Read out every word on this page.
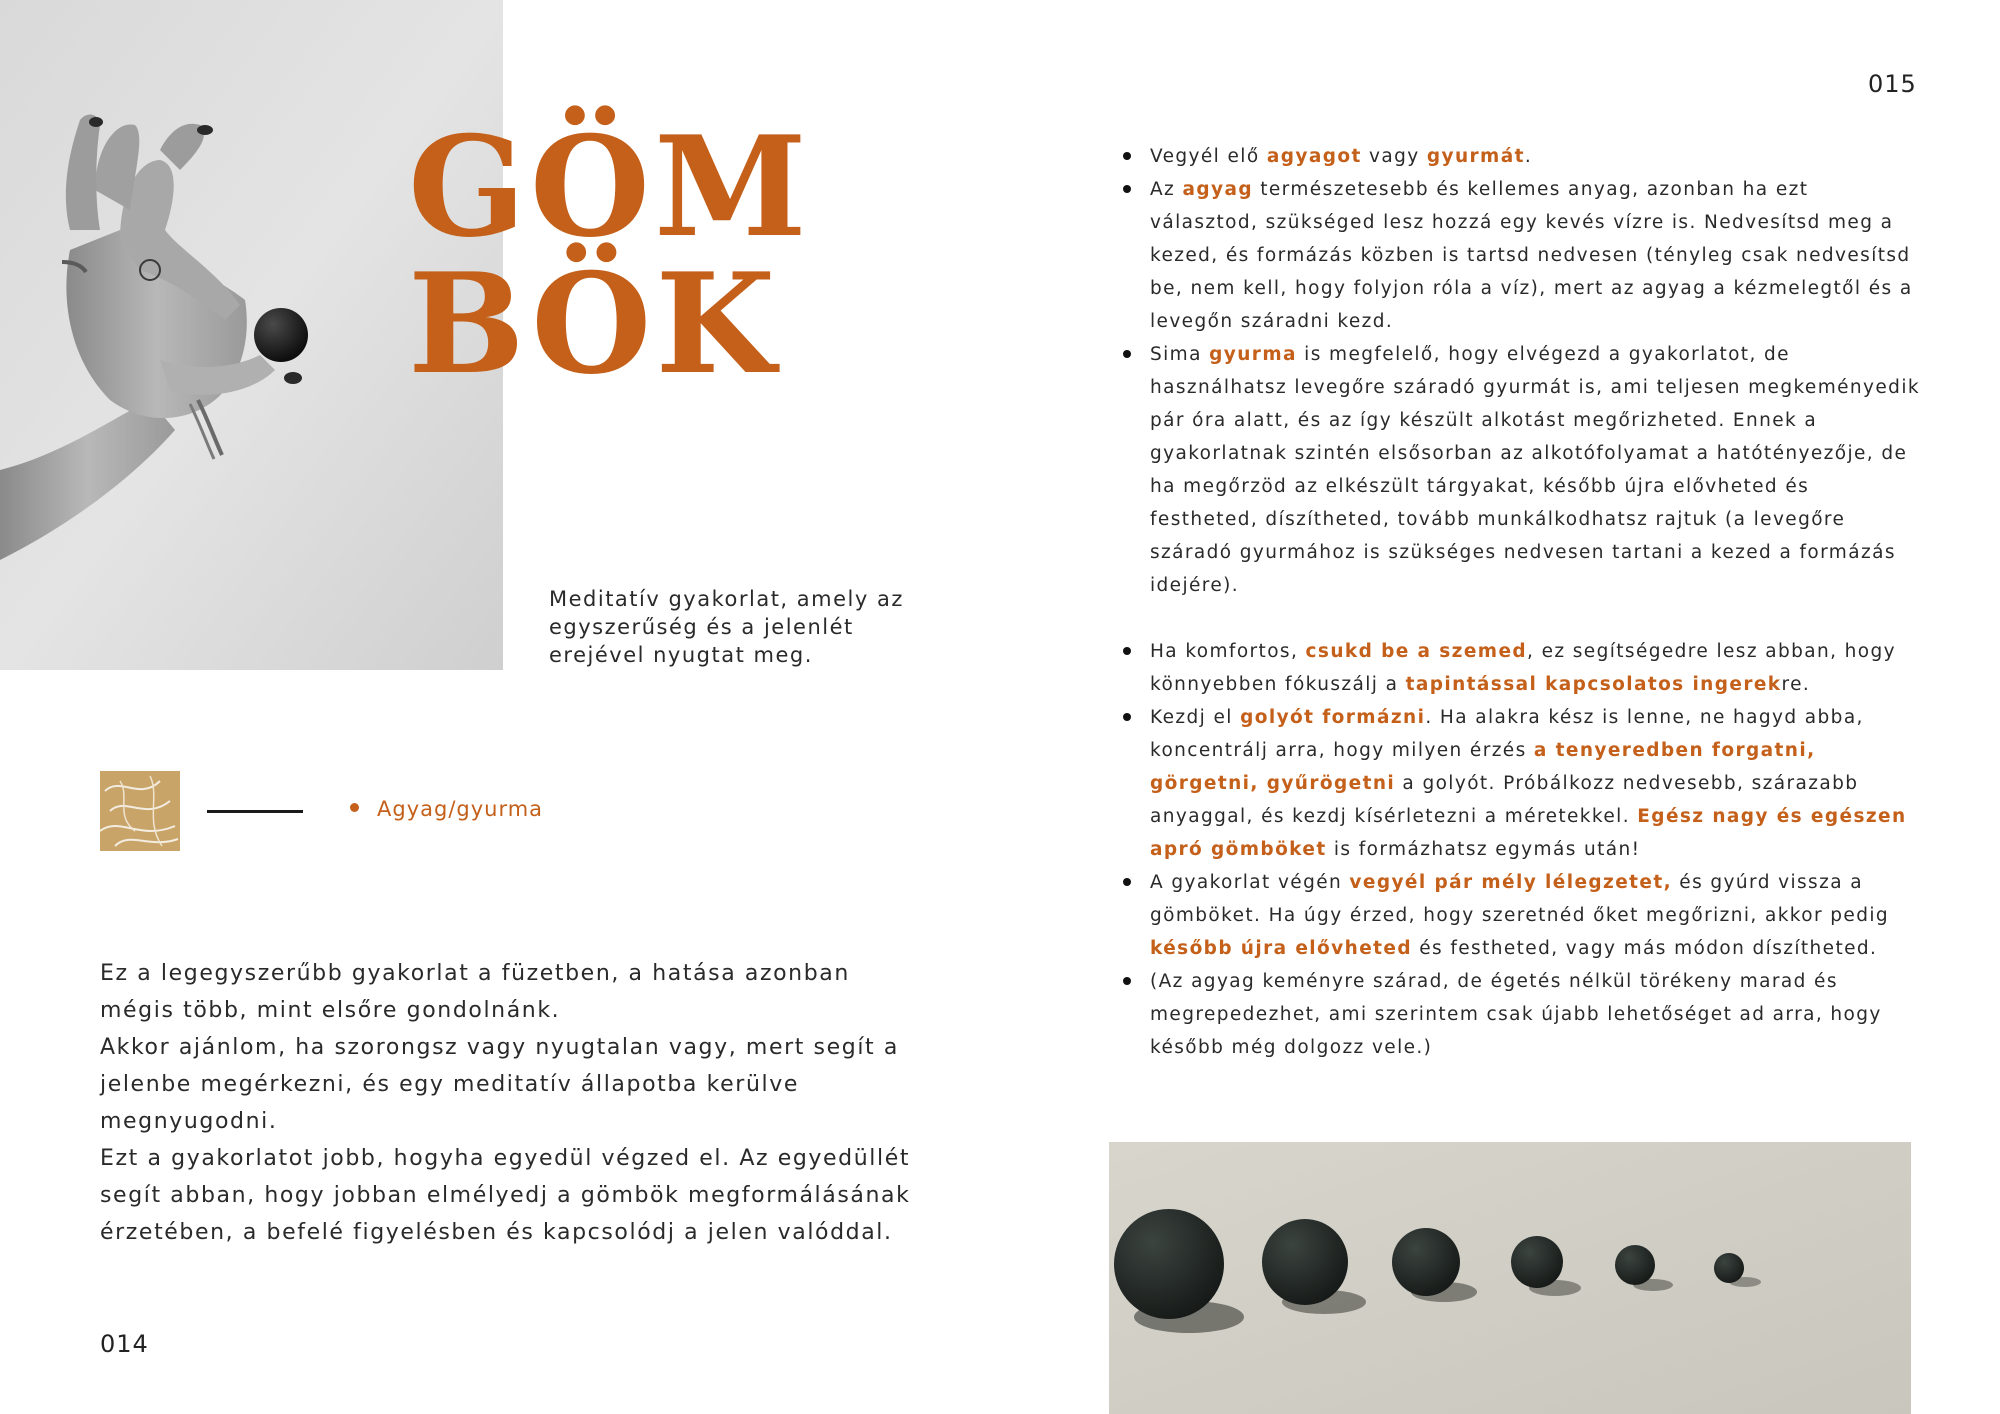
GÖM
BÖK
015
014
Meditatív gyakorlat, amely az egyszerűség és a jelenlét erejével nyugtat meg.
Agyag/gyurma

Ez a legegyszerűbb gyakorlat a füzetben, a hatása azonban mégis több, mint elsőre gondolnánk.

Akkor ajánlom, ha szorongsz vagy nyugtalan vagy, mert segít a jelenbe megérkezni, és egy meditatív állapotba kerülve megnyugodni.

Ezt a gyakorlatot jobb, hogyha egyedül végzed el. Az egyedüllét segít abban, hogy jobban elmélyedj a gömbök megformálásának érzetében, a befelé figyelésben és kapcsolódj a jelen valóddal.

Vegyél elő agyagot vagy gyurmát.
Az agyag természetesebb és kellemes anyag, azonban ha ezt választod, szükséged lesz hozzá egy kevés vízre is. Nedvesítsd meg a kezed, és formázás közben is tartsd nedvesen (tényleg csak nedvesítsd be, nem kell, hogy folyjon róla a víz), mert az agyag a kézmelegtől és a levegőn száradni kezd.
Sima gyurma is megfelelő, hogy elvégezd a gyakorlatot, de használhatsz levegőre száradó gyurmát is, ami teljesen megkeményedik pár óra alatt, és az így készült alkotást megőrizheted. Ennek a gyakorlatnak szintén elsősorban az alkotófolyamat a hatótényezője, de ha megőrzöd az elkészült tárgyakat, később újra elővheted és festheted, díszítheted, tovább munkálkodhatsz rajtuk (a levegőre száradó gyurmához is szükséges nedvesen tartani a kezed a formázás idejére).
Ha komfortos, csukd be a szemed, ez segítségedre lesz abban, hogy könnyebben fókuszálj a tapintással kapcsolatos ingerekre.
Kezdj el golyót formázni. Ha alakra kész is lenne, ne hagyd abba, koncentrálj arra, hogy milyen érzés a tenyeredben forgatni, görgetni, gyűrögetni a golyót. Próbálkozz nedvesebb, szárazabb anyaggal, és kezdj kísérletezni a méretekkel. Egész nagy és egészen apró gömböket is formázhatsz egymás után!
A gyakorlat végén vegyél pár mély lélegzetet, és gyúrd vissza a gömböket. Ha úgy érzed, hogy szeretnéd őket megőrizni, akkor pedig később újra elővheted és festheted, vagy más módon díszítheted.
(Az agyag keményre szárad, de égetés nélkül törékeny marad és megrepedezhet, ami szerintem csak újabb lehetőséget ad arra, hogy később még dolgozz vele.)
